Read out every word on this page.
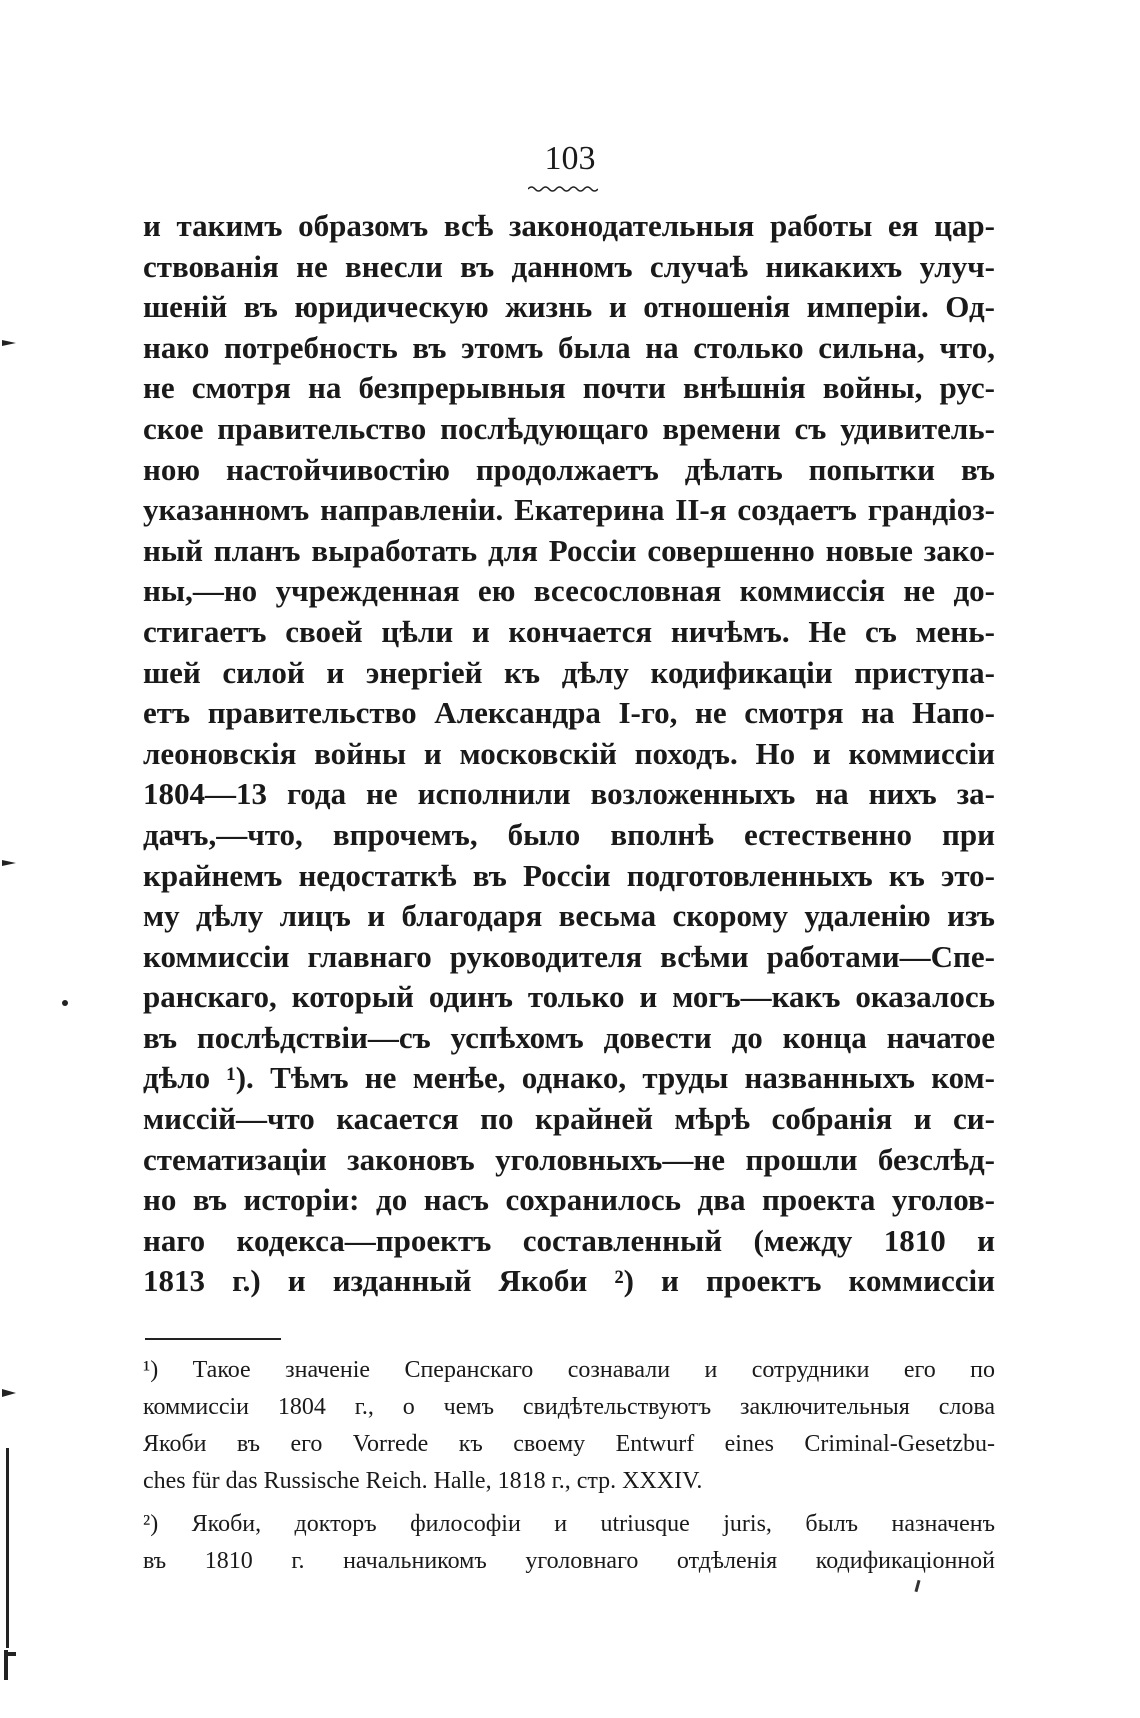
103
и такимъ образомъ всѣ законодательныя работы ея цар-
ствованія не внесли въ данномъ случаѣ никакихъ улуч-
шеній въ юридическую жизнь и отношенія имперіи. Од-
нако потребность въ этомъ была на столько сильна, что,
не смотря на безпрерывныя почти внѣшнія войны, рус-
ское правительство послѣдующаго времени съ удивитель-
ною настойчивостію продолжаетъ дѣлать попытки въ
указанномъ направленіи. Екатерина II-я создаетъ грандіоз-
ный планъ выработать для Россіи совершенно новые зако-
ны,—но учрежденная ею всесословная коммиссія не до-
стигаетъ своей цѣли и кончается ничѣмъ. Не съ мень-
шей силой и энергіей къ дѣлу кодификаціи приступа-
етъ правительство Александра I-го, не смотря на Напо-
леоновскія войны и московскій походъ. Но и коммиссіи
1804—13 года не исполнили возложенныхъ на нихъ за-
дачъ,—что, впрочемъ, было вполнѣ естественно при
крайнемъ недостаткѣ въ Россіи подготовленныхъ къ это-
му дѣлу лицъ и благодаря весьма скорому удаленію изъ
коммиссіи главнаго руководителя всѣми работами—Спе-
ранскаго, который одинъ только и могъ—какъ оказалось
въ послѣдствіи—съ успѣхомъ довести до конца начатое
дѣло ¹). Тѣмъ не менѣе, однако, труды названныхъ ком-
миссій—что касается по крайней мѣрѣ собранія и си-
стематизаціи законовъ уголовныхъ—не прошли безслѣд-
но въ исторіи: до насъ сохранилось два проекта уголов-
наго кодекса—проектъ составленный (между 1810 и
1813 г.) и изданный Якоби ²) и проектъ коммиссіи
¹) Такое значеніе Сперанскаго сознавали и сотрудники его по
коммиссіи 1804 г., о чемъ свидѣтельствуютъ заключительныя слова
Якоби въ его Vorrede къ своему Entwurf eines Criminal-Gesetzbu-
ches für das Russische Reich. Halle, 1818 г., стр. XXXIV.
²) Якоби, докторъ философіи и utriusque juris, былъ назначенъ
въ 1810 г. начальникомъ уголовнаго отдѣленія кодификаціонной
